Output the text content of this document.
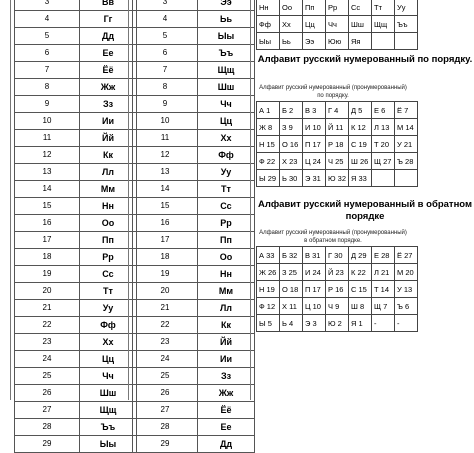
3	Вв
4	Гг
5	Дд
6	Ее
7	Ёё
8	Жж
9	Зз
10	Ии
11	Йй
12	Кк
13	Лл
14	Мм
15	Нн
16	Оо
17	Пп
18	Рр
19	Сс
20	Тт
21	Уу
22	Фф
23	Хх
24	Цц
25	Чч
26	Шш
27	Щщ
28	Ъъ
29	Ыы
3	Ээ
4	Ьь
5	Ыы
6	Ъъ
7	Щщ
8	Шш
9	Чч
10	Цц
11	Хх
12	Фф
13	Уу
14	Тт
15	Сс
16	Рр
17	Пп
18	Оо
19	Нн
20	Мм
21	Лл
22	Кк
23	Йй
24	Ии
25	Зз
26	Жж
27	Ёё
28	Ее
29	Дд
Нн	Оо	Пп	Рр	Сс	Тт	Уу
Фф	Хх	Цц	Чч	Шш	Щщ	Ъъ
Ыы	Ьь	Ээ	Юю	Яя		
Алфавит русский нумерованный по порядку.
Алфавит русский нумерованный (пронумерованный) по порядку.
А 1	Б 2	В 3	Г 4	Д 5	Е 6	Ё 7
Ж 8	З 9	И 10	Й 11	К 12	Л 13	М 14
Н 15	О 16	П 17	Р 18	С 19	Т 20	У 21
Ф 22	Х 23	Ц 24	Ч 25	Ш 26	Щ 27	Ъ 28
Ы 29	Ь 30	Э 31	Ю 32	Я 33		
Алфавит русский нумерованный в обратном порядке
Алфавит русский нумерованный (пронумерованный) в обратном порядке.
А 33	Б 32	В 31	Г 30	Д 29	Е 28	Ё 27
Ж 26	З 25	И 24	Й 23	К 22	Л 21	М 20
Н 19	О 18	П 17	Р 16	С 15	Т 14	У 13
Ф 12	Х 11	Ц 10	Ч 9	Ш 8	Щ 7	Ъ 6
Ы 5	Ь 4	Э 3	Ю 2	Я 1	-	-
